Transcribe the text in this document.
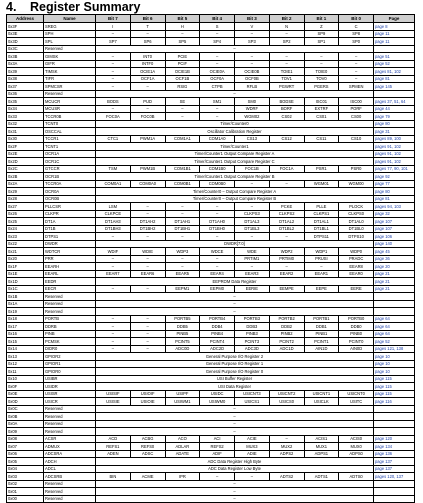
4. Register Summary
Address	Name	Bit 7	Bit 6	Bit 5	Bit 4	Bit 3	Bit 2	Bit 1	Bit 0	Page
0x3F	SREG	I	T	H	S	V	N	Z	C	page 8
0x3E	SPH	–	–	–	–	–	–	SP9	SP8	page 11
0x3D	SPL	SP7	SP6	SP5	SP4	SP3	SP2	SP1	SP0	page 11
0x3C	Reserved	–								
0x3B	GIMSK	–	INT0	PCIE	–	–	–	–	–	page 51
0x3A	GIFR	–	INTF0	PCIF	–	–	–	–	–	page 52
0x39	TIMSK	–	OCIE1A	OCIE1B	OCIE0A	OCIE0B	TOIE1	TOIE0	–	pages 81, 102
0x38	TIFR	–	OCF1A	OCF1B	OCF0A	OCF0B	TOV1	TOV0	–	page 81
0x37	SPMCSR	–	–	RSIG	CTPB	RFLB	PGWRT	PGERS	SPMEN	page 145
0x36	Reserved	–								
0x35	MCUCR	BODS	PUD	SE	SM1	SM0	BODSE	ISC01	ISC00	pages 37, 51, 64
0x34	MCUSR	–	–	–	–	WDRF	BORF	EXTRF	PORF	page 44
0x33	TCCR0B	FOC0A	FOC0B	–	–	WGM02	CS02	CS01	CS00	page 79
0x32	TCNT0	Timer/Counter0								page 80
0x31	OSCCAL	Oscillator Calibration Register								page 31
0x30	TCCR1	CTC1	PWM1A	COM1A1	COM1A0	CS13	CS12	CS11	CS10	pages 89, 100
0x2F	TCNT1	Timer/Counter1								pages 91, 102
0x2E	OCR1A	Timer/Counter1 Output Compare Register A								pages 91, 102
0x2D	OCR1C	Timer/Counter1 Output Compare Register C								pages 91, 102
0x2C	GTCCR	TSM	PWM1B	COM1B1	COM1B0	FOC1B	FOC1A	PSR1	PSR0	pages 77, 90, 101
0x2B	OCR1B	Timer/Counter1 Output Compare Register B								page 92
0x2A	TCCR0A	COM0A1	COM0A0	COM0B1	COM0B0	–	–	WGM01	WGM00	page 77
0x29	OCR0A	Timer/Counter0 – Output Compare Register A								page 80
0x28	OCR0B	Timer/Counter0 – Output Compare Register B								page 81
0x27	PLLCSR	LSM	–	–	–	–	PCKE	PLLE	PLOCK	pages 94, 103
0x26	CLKPR	CLKPCE	–	–	–	CLKPS3	CLKPS2	CLKPS1	CLKPS0	page 32
0x25	DT1A	DT1AH3	DT1AH2	DT1AH1	DT1AH0	DT1AL3	DT1AL2	DT1AL1	DT1AL0	page 107
0x24	DT1B	DT1BH3	DT1BH2	DT1BH1	DT1BH0	DT1BL3	DT1BL2	DT1BL1	DT1BL0	page 107
0x23	DTPS1	–	–	–	–	–	–	DTPS11	DTPS10	page 106
0x22	DWDR	DWDR[7:0]								page 140
0x21	WDTCR	WDIF	WDIE	WDP3	WDCE	WDE	WDP2	WDP1	WDP0	page 45
0x20	PRR	–	–	–	–	PRTIM1	PRTIM0	PRUSI	PRADC	page 36
0x1F	EEARH	–	–	–	–	–	–	–	EEAR8	page 20
0x1E	EEARL	EEAR7	EEAR6	EEAR5	EEAR4	EEAR3	EEAR2	EEAR1	EEAR0	page 21
0x1D	EEDR	EEPROM Data Register								page 21
0x1C	EECR	–	–	EEPM1	EEPM0	EERIE	EEMPE	EEPE	EERE	page 21
0x1B	Reserved	–								
0x1A	Reserved	–								
0x19	Reserved	–								
0x18	PORTB	–	–	PORTB5	PORTB4	PORTB3	PORTB2	PORTB1	PORTB0	page 64
0x17	DDRB	–	–	DDB5	DDB4	DDB3	DDB2	DDB1	DDB0	page 64
0x16	PINB	–	–	PINB5	PINB4	PINB3	PINB2	PINB1	PINB0	page 64
0x15	PCMSK	–	–	PCINT5	PCINT4	PCINT3	PCINT2	PCINT1	PCINT0	page 52
0x14	DIDR0	–	–	ADC0D	ADC2D	ADC3D	ADC1D	AIN1D	AIN0D	pages 121, 138
0x13	GPIOR2	General Purpose I/O Register 2								page 10
0x12	GPIOR1	General Purpose I/O Register 1								page 10
0x11	GPIOR0	General Purpose I/O Register 0								page 10
0x10	USIBR	USI Buffer Register								page 115
0x0F	USIDR	USI Data Register								page 115
0x0E	USISR	USISIF	USIOIF	USIPF	USIDC	USICNT3	USICNT2	USICNT1	USICNT0	page 115
0x0D	USICR	USISIE	USIOIE	USIWM1	USIWM0	USICS1	USICS0	USICLK	USITC	page 116
0x0C	Reserved	–								
0x0B	Reserved	–								
0x0A	Reserved	–								
0x09	Reserved	–								
0x08	ACSR	ACD	ACBG	ACO	ACI	ACIE	–	ACIS1	ACIS0	page 120
0x07	ADMUX	REFS1	REFS0	ADLAR	REFS2	MUX3	MUX2	MUX1	MUX0	page 134
0x06	ADCSRA	ADEN	ADSC	ADATE	ADIF	ADIE	ADPS2	ADPS1	ADPS0	page 136
0x05	ADCH	ADC Data Register High Byte								page 137
0x04	ADCL	ADC Data Register Low Byte								page 137
0x03	ADCSRB	BIN	ACME	IPR	–	–	ADTS2	ADTS1	ADTS0	pages 120, 137
0x02	Reserved	–								
0x01	Reserved	–								
0x00	Reserved	–								
